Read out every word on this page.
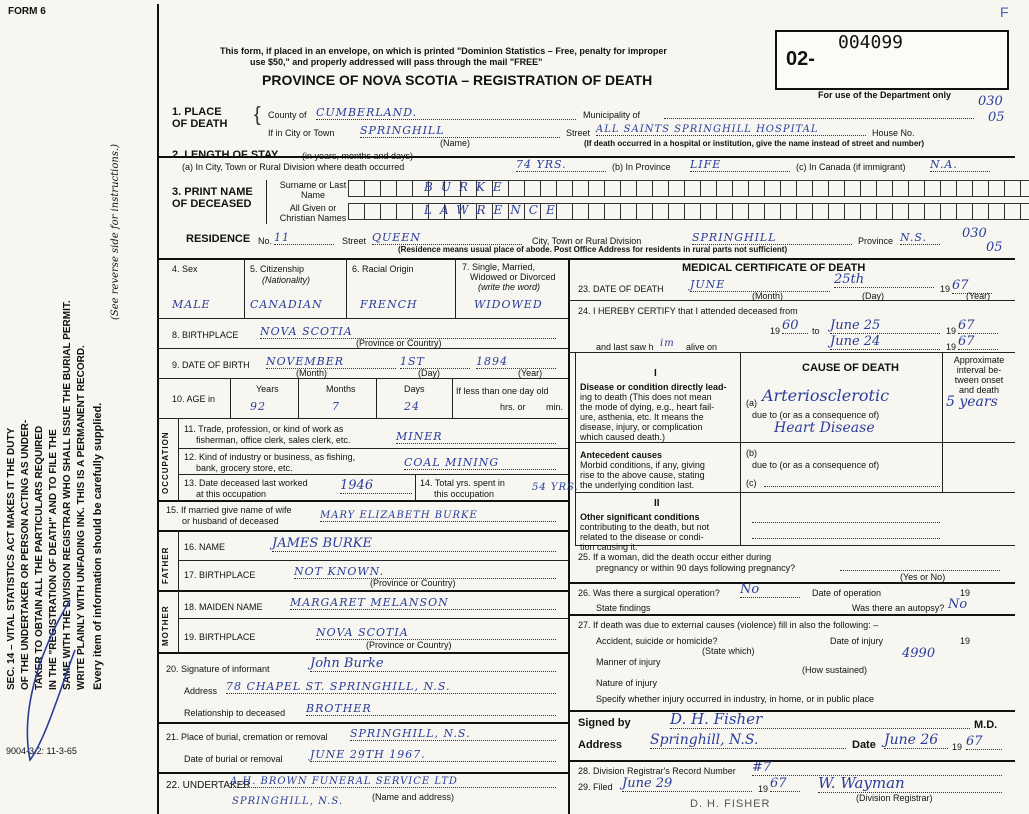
FORM 6	F
This form, if placed in an envelope, on which is printed "Dominion Statistics – Free, penalty for improper
use $50," and properly addressed will pass through the mail "FREE"
PROVINCE OF NOVA SCOTIA – REGISTRATION OF DEATH
02-
004099
For use of the Department only 030
05
SEC. 14 – VITAL STATISTICS ACT MAKES IT THE DUTY OF THE UNDERTAKER OR PERSON ACTING AS UNDER- TAKER TO OBTAIN ALL THE PARTICULARS REQUIRED IN THE "REGISTRATION OF DEATH" AND TO FILE THE SAME WITH THE DIVISION REGISTRAR WHO SHALL ISSUE THE BURIAL PERMIT. WRITE PLAINLY WITH UNFADING INK. THIS IS A PERMANENT RECORD. Every item of information should be carefully supplied.
(See reverse side for instructions.)
9004-3.2: 11-3-65
1. PLACE OF DEATH { County of CUMBERLAND.	Municipality of
If in City or Town SPRINGHILL
(Name)
Street ALL SAINTS SPRINGHILL HOSPITAL	House No.
(If death occurred in a hospital or institution, give the name instead of street and number)
2. LENGTH OF STAY	(in years, months and days)
(a) In City, Town or Rural Division where death occurred	74 YRS.	(b) In Province LIFE	(c) In Canada (if immigrant) N.A.
3. PRINT NAME OF DECEASED
Surname or Last Name
All Given or Christian Names
BURKE
LAWRENCE
RESIDENCE No. 11	Street QUEEN	City, Town or Rural Division	SPRINGHILL	Province N.S.	030
05
(Residence means usual place of abode. Post Office Address for residents in rural parts not sufficient)
4. Sex
MALE
5. Citizenship
(Nationality)
CANADIAN
6. Racial Origin
FRENCH
7. Single, Married,
Widowed or Divorced
(write the word)
WIDOWED
8. BIRTHPLACE NOVA SCOTIA
(Province or Country)
9. DATE OF BIRTH NOVEMBER	1ST	1894
(Month)	(Day)	(Year)
10. AGE in
Years
92
Months
7
Days
24
If less than one day old
hrs. or min.
OCCUPATION
11. Trade, profession, or kind of work as
fisherman, office clerk, sales clerk, etc.	MINER
12. Kind of industry or business, as fishing,
bank, grocery store, etc.	COAL MINING
13. Date deceased last worked
at this occupation
1946	14. Total yrs. spent in
this occupation
54 YRS.
15. If married give name of wife
or husband of deceased	MARY ELIZABETH BURKE
FATHER 16. NAME	JAMES BURKE
17. BIRTHPLACE	NOT KNOWN.
(Province or Country)
MOTHER 18. MAIDEN NAME MARGARET MELANSON
19. BIRTHPLACE	NOVA SCOTIA
(Province or Country)
20. Signature of informant	John Burke
Address 78 CHAPEL ST. SPRINGHILL, N.S.
Relationship to deceased BROTHER
21. Place of burial, cremation or removal SPRINGHILL, N.S.
Date of burial or removal JUNE 29TH 1967.
22. UNDERTAKER
A.H. BROWN FUNERAL SERVICE LTD
SPRINGHILL, N.S.	(Name and address)
MEDICAL CERTIFICATE OF DEATH
23. DATE OF DEATH JUNE	25th
19 67
(Month)	(Day)	(Year)
24. I HEREBY CERTIFY that I attended deceased from
19 60	to June 25	19 67
and last saw h im alive on	June 24	19 67
CAUSE OF DEATH
Approximate
interval be-
tween onset
and death
I
Disease or condition directly lead-
ing to death (This does not mean
the mode of dying, e.g., heart fail-
ure, asthenia, etc. It means the
disease, injury, or complication
which caused death.)
(a) Arteriosclerotic	5 years
due to (or as a consequence of)
Heart Disease
Antecedent causes
Morbid conditions, if any, giving
rise to the above cause, stating
the underlying condition last.
(b)
due to (or as a consequence of)
(c)
II
Other significant conditions
contributing to the death, but not
related to the disease or condi-
tion causing it.
25. If a woman, did the death occur either during
pregnancy or within 90 days following pregnancy?
(Yes or No)
26. Was there a surgical operation? No	Date of operation	19
State findings	Was there an autopsy? No
27. If death was due to external causes (violence) fill in also the following: –
Accident, suicide or homicide?
(State which)
Date of injury	19
Manner of injury
(How sustained)
4990
Nature of injury
Specify whether injury occurred in industry, in home, or in public place
Signed by	D. H. Fisher	M.D.
Address Springhill, N.S.	Date June 26	19 67
28. Division Registrar's Record Number #7
29. Filed June 29	19 67	W. Wayman
(Division Registrar)
D. H. FISHER
